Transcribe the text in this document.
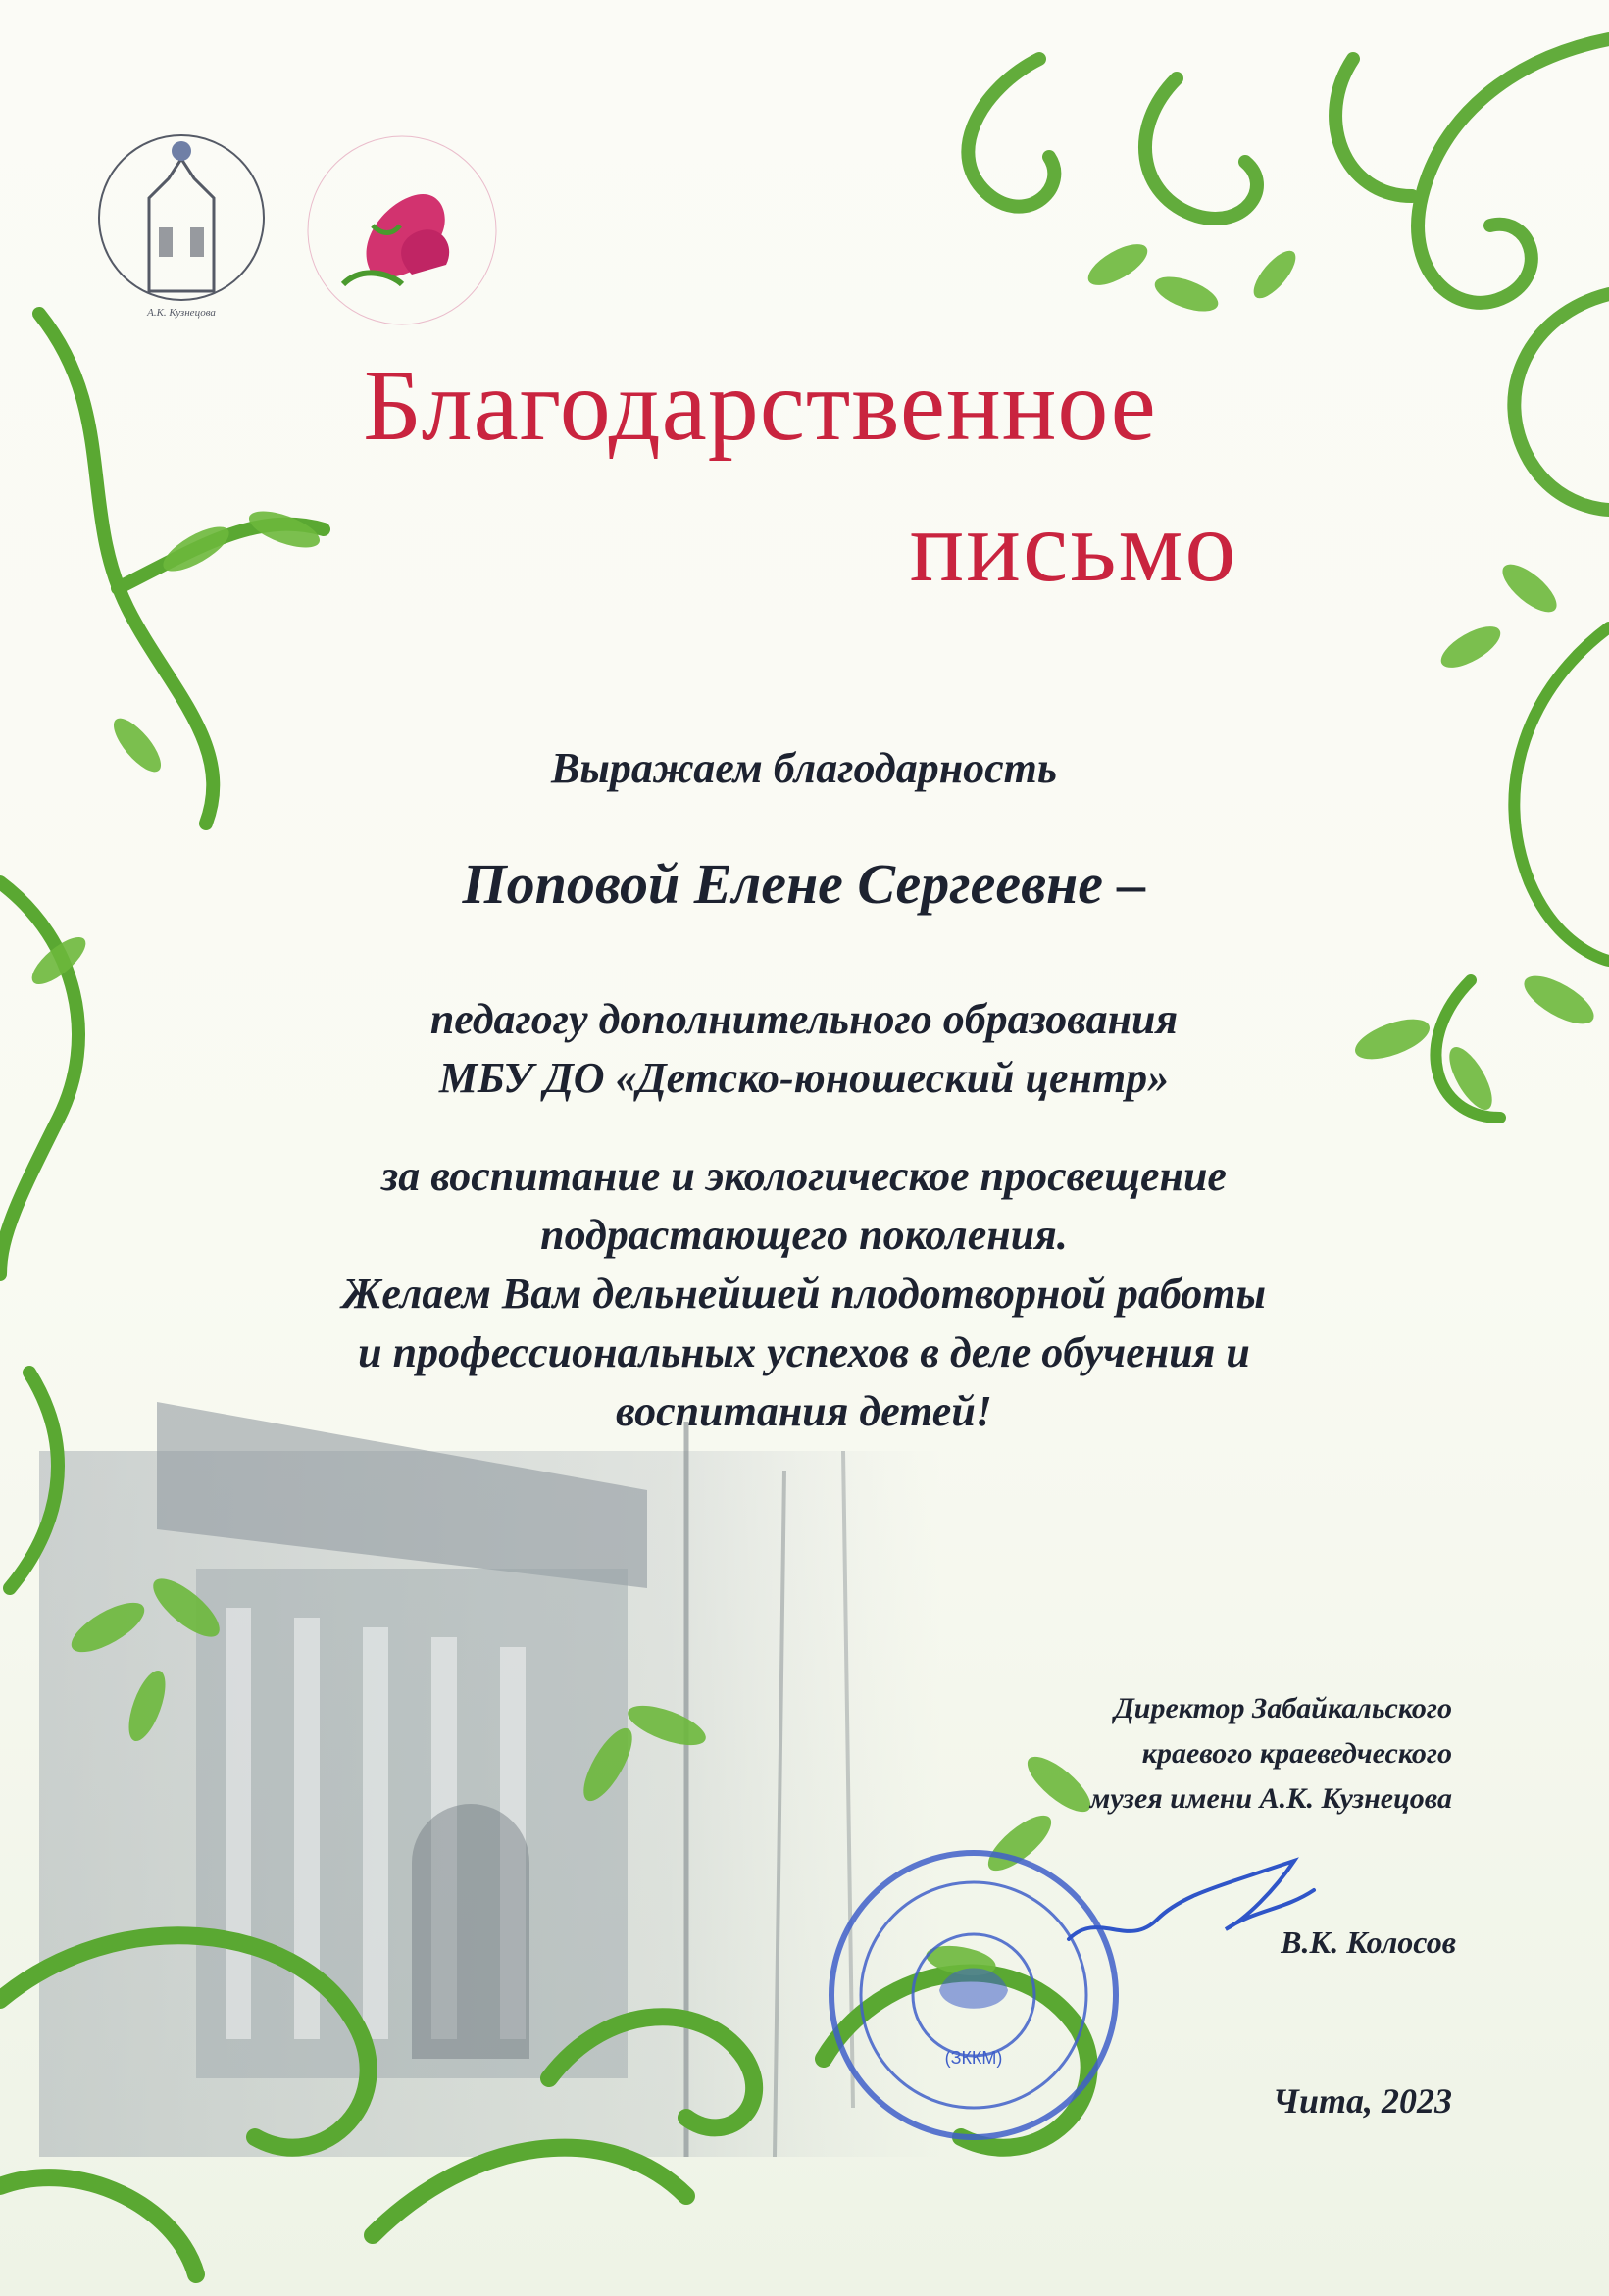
А.К. Кузнецова
Благодарственное
письмо
Выражаем благодарность
Поповой Елене Сергеевне –
педагогу дополнительного образования
МБУ ДО «Детско-юношеский центр»
за воспитание и экологическое просвещение
подрастающего поколения.
Желаем Вам дельнейшей плодотворной работы
и профессиональных успехов в деле обучения и
воспитания детей!
Директор Забайкальского
краевого краеведческого
музея имени А.К. Кузнецова
(ЗККМ)
В.К. Колосов
Чита, 2023
